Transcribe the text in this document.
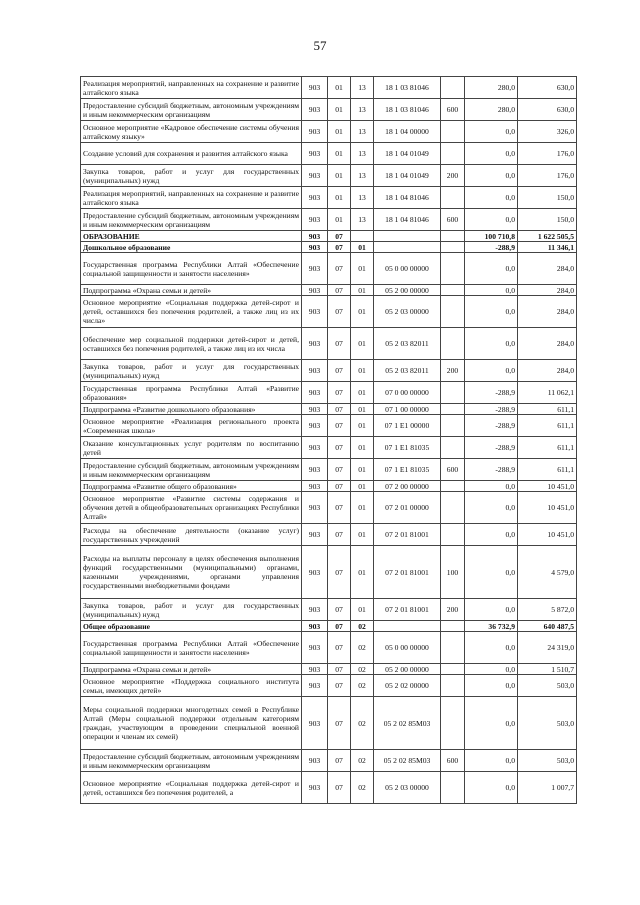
57
Реализация мероприятий, направленных на сохранение и развитие алтайского языка	903	01	13	18 1 03 81046		280,0	630,0
Предоставление субсидий бюджетным, автономным учреждениям и иным некоммерческим организациям	903	01	13	18 1 03 81046	600	280,0	630,0
Основное мероприятие «Кадровое обеспечение системы обучения алтайскому языку»	903	01	13	18 1 04 00000		0,0	326,0
Создание условий для сохранения и развития алтайского языка	903	01	13	18 1 04 01049		0,0	176,0
Закупка товаров, работ и услуг для государственных (муниципальных) нужд	903	01	13	18 1 04 01049	200	0,0	176,0
Реализация мероприятий, направленных на сохранение и развитие алтайского языка	903	01	13	18 1 04 81046		0,0	150,0
Предоставление субсидий бюджетным, автономным учреждениям и иным некоммерческим организациям	903	01	13	18 1 04 81046	600	0,0	150,0
ОБРАЗОВАНИЕ	903	07				100 710,8	1 622 505,5
Дошкольное образование	903	07	01			-288,9	11 346,1
Государственная программа Республики Алтай «Обеспечение социальной защищенности и занятости населения»	903	07	01	05 0 00 00000		0,0	284,0
Подпрограмма «Охрана семьи и детей»	903	07	01	05 2 00 00000		0,0	284,0
Основное мероприятие «Социальная поддержка детей-сирот и детей, оставшихся без попечения родителей, а также лиц из их числа»	903	07	01	05 2 03 00000		0,0	284,0
Обеспечение мер социальной поддержки детей-сирот и детей, оставшихся без попечения родителей, а также лиц из их числа	903	07	01	05 2 03 82011		0,0	284,0
Закупка товаров, работ и услуг для государственных (муниципальных) нужд	903	07	01	05 2 03 82011	200	0,0	284,0
Государственная программа Республики Алтай «Развитие образования»	903	07	01	07 0 00 00000		-288,9	11 062,1
Подпрограмма «Развитие дошкольного образования»	903	07	01	07 1 00 00000		-288,9	611,1
Основное мероприятие «Реализация регионального проекта «Современная школа»	903	07	01	07 1 E1 00000		-288,9	611,1
Оказание консультационных услуг родителям по воспитанию детей	903	07	01	07 1 E1 81035		-288,9	611,1
Предоставление субсидий бюджетным, автономным учреждениям и иным некоммерческим организациям	903	07	01	07 1 E1 81035	600	-288,9	611,1
Подпрограмма «Развитие общего образования»	903	07	01	07 2 00 00000		0,0	10 451,0
Основное мероприятие «Развитие системы содержания и обучения детей в общеобразовательных организациях Республики Алтай»	903	07	01	07 2 01 00000		0,0	10 451,0
Расходы на обеспечение деятельности (оказание услуг) государственных учреждений	903	07	01	07 2 01 81001		0,0	10 451,0
Расходы на выплаты персоналу в целях обеспечения выполнения функций государственными (муниципальными) органами, казенными учреждениями, органами управления государственными внебюджетными фондами	903	07	01	07 2 01 81001	100	0,0	4 579,0
Закупка товаров, работ и услуг для государственных (муниципальных) нужд	903	07	01	07 2 01 81001	200	0,0	5 872,0
Общее образование	903	07	02			36 732,9	640 487,5
Государственная программа Республики Алтай «Обеспечение социальной защищенности и занятости населения»	903	07	02	05 0 00 00000		0,0	24 319,0
Подпрограмма «Охрана семьи и детей»	903	07	02	05 2 00 00000		0,0	1 510,7
Основное мероприятие «Поддержка социального института семьи, имеющих детей»	903	07	02	05 2 02 00000		0,0	503,0
Меры социальной поддержки многодетных семей в Республике Алтай (Меры социальной поддержки отдельным категориям граждан, участвующим в проведении специальной военной операции и членам их семей)	903	07	02	05 2 02 85М03		0,0	503,0
Предоставление субсидий бюджетным, автономным учреждениям и иным некоммерческим организациям	903	07	02	05 2 02 85М03	600	0,0	503,0
Основное мероприятие «Социальная поддержка детей-сирот и детей, оставшихся без попечения родителей, а	903	07	02	05 2 03 00000		0,0	1 007,7
